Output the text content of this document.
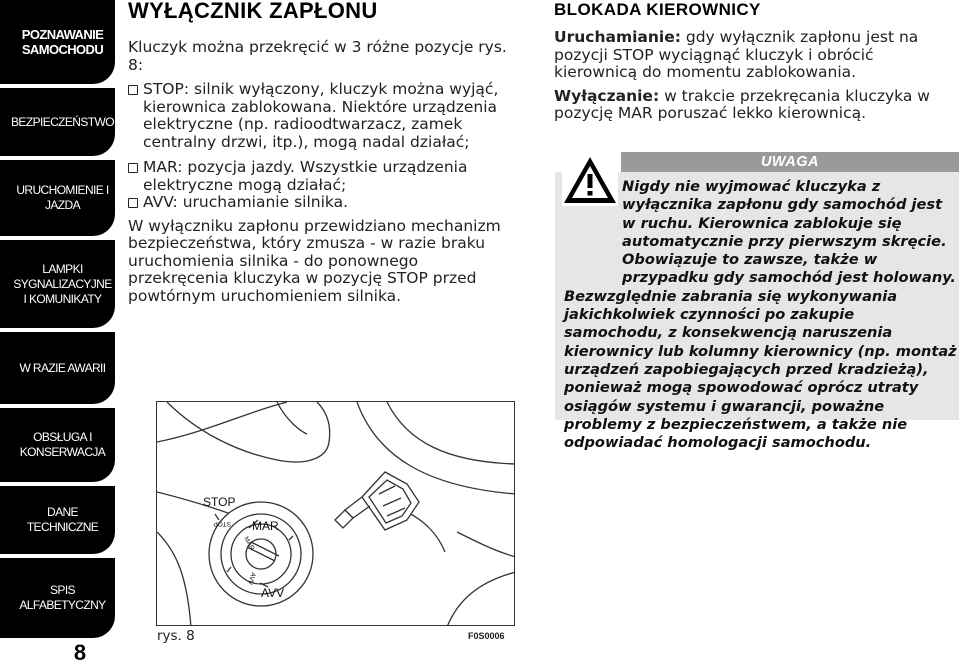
POZNAWANIE SAMOCHODU
BEZPIECZEŃSTWO
URUCHOMIENIE I JAZDA
LAMPKI SYGNALIZACYJNE I KOMUNIKATY
W RAZIE AWARII
OBSŁUGA I KONSERWACJA
DANE TECHNICZNE
SPIS ALFABETYCZNY
8
WYŁĄCZNIK ZAPŁONU

Kluczyk można przekręcić w 3 różne pozycje rys. 8:

STOP: silnik wyłączony, kluczyk można wyjąć, kierownica zablokowana. Niektóre urządzenia elektryczne (np. radioodtwarzacz, zamek centralny drzwi, itp.), mogą nadal działać;
MAR: pozycja jazdy. Wszystkie urządzenia elektryczne mogą działać;
AVV: uruchamianie silnika.

W wyłączniku zapłonu przewidziano mechanizm bezpieczeństwa, który zmusza - w razie braku uruchomienia silnika - do ponownego przekręcenia kluczyka w pozycję STOP przed powtórnym uruchomieniem silnika.

STOP
MAR
AVV
STOP
MAR
AVV
rys. 8	F0S0006
BLOKADA KIEROWNICY

Uruchamianie: gdy wyłącznik zapłonu jest na pozycji STOP wyciągnąć kluczyk i obrócić kierownicą do momentu zablokowania.

Wyłączanie: w trakcie przekręcania kluczyka w pozycję MAR poruszać lekko kierownicą.

UWAGA

Nigdy nie wyjmować kluczyka z wyłącznika zapłonu gdy samochód jest w ruchu. Kierownica zablokuje się automatycznie przy pierwszym skręcie. Obowiązuje to zawsze, także w przypadku gdy samochód jest holowany.

Bezwzględnie zabrania się wykonywania jakichkolwiek czynności po zakupie samochodu, z konsekwencją naruszenia kierownicy lub kolumny kierownicy (np. montaż urządzeń zapobiegających przed kradzieżą), ponieważ mogą spowodować oprócz utraty osiągów systemu i gwarancji, poważne problemy z bezpieczeństwem, a także nie odpowiadać homologacji samochodu.
